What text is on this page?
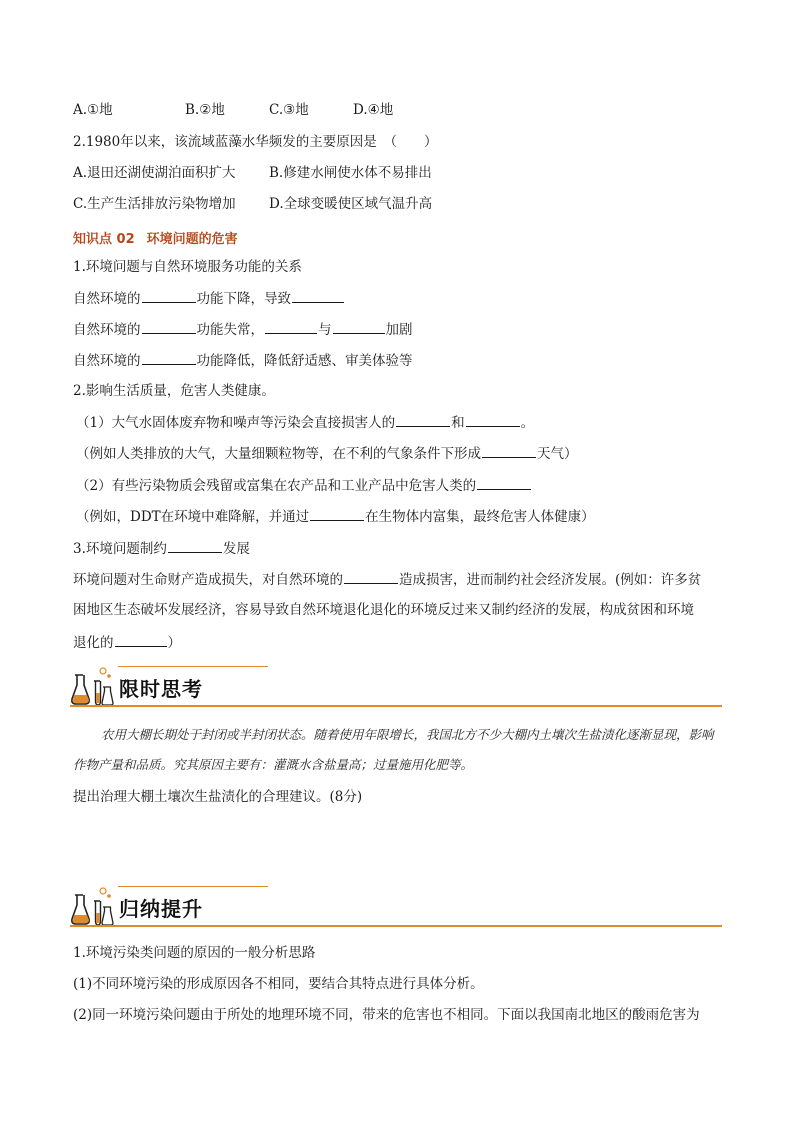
A.①地	B.②地	C.③地	D.④地
2.1980年以来，该流域蓝藻水华频发的主要原因是　（　　）
A.退田还湖使湖泊面积扩大 B.修建水闸使水体不易排出
C.生产生活排放污染物增加 D.全球变暖使区域气温升高
知识点 02 环境问题的危害
1.环境问题与自然环境服务功能的关系
自然环境的	功能下降，导致
自然环境的	功能失常，	与	加剧
自然环境的	功能降低，降低舒适感、审美体验等
2.影响生活质量，危害人类健康。
（1）大气水固体废弃物和噪声等污染会直接损害人的	和	。
（例如人类排放的大气，大量细颗粒物等，在不利的气象条件下形成	天气）
（2）有些污染物质会残留或富集在农产品和工业产品中危害人类的
（例如，DDT在环境中难降解，并通过	在生物体内富集，最终危害人体健康）
3.环境问题制约	发展
环境问题对生命财产造成损失，对自然环境的	造成损害，进而制约社会经济发展。(例如：许多贫
困地区生态破坏发展经济，容易导致自然环境退化退化的环境反过来又制约经济的发展，构成贫困和环境
退化的	）
限时思考
农用大棚长期处于封闭或半封闭状态。随着使用年限增长，我国北方不少大棚内土壤次生盐渍化逐渐显现，影响作物产量和品质。究其原因主要有：灌溉水含盐量高；过量施用化肥等。
提出治理大棚土壤次生盐渍化的合理建议。(8分)
归纳提升
1.环境污染类问题的原因的一般分析思路
(1)不同环境污染的形成原因各不相同，要结合其特点进行具体分析。
(2)同一环境污染问题由于所处的地理环境不同，带来的危害也不相同。下面以我国南北地区的酸雨危害为
